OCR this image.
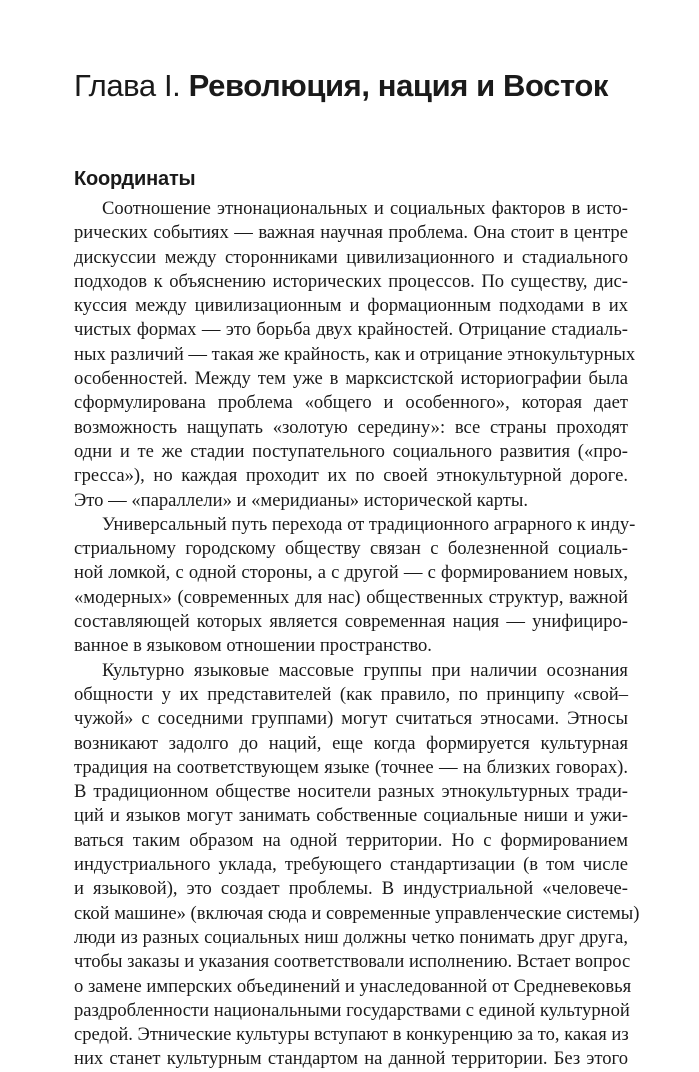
Глава I. Революция, нация и Восток
Координаты
Соотношение этнонациональных и социальных факторов в исто-
рических событиях — важная научная проблема. Она стоит в центре
дискуссии между сторонниками цивилизационного и стадиального
подходов к объяснению исторических процессов. По существу, дис-
куссия между цивилизационным и формационным подходами в их
чистых формах — это борьба двух крайностей. Отрицание стадиаль-
ных различий — такая же крайность, как и отрицание этнокультурных
особенностей. Между тем уже в марксистской историографии была
сформулирована проблема «общего и особенного», которая дает
возможность нащупать «золотую середину»: все страны проходят
одни и те же стадии поступательного социального развития («про-
гресса»), но каждая проходит их по своей этнокультурной дороге.
Это — «параллели» и «меридианы» исторической карты.
Универсальный путь перехода от традиционного аграрного к инду-
стриальному городскому обществу связан с болезненной социаль-
ной ломкой, с одной стороны, а с другой — с формированием новых,
«модерных» (современных для нас) общественных структур, важной
составляющей которых является современная нация — унифициро-
ванное в языковом отношении пространство.
Культурно языковые массовые группы при наличии осознания
общности у их представителей (как правило, по принципу «свой–
чужой» с соседними группами) могут считаться этносами. Этносы
возникают задолго до наций, еще когда формируется культурная
традиция на соответствующем языке (точнее — на близких говорах).
В традиционном обществе носители разных этнокультурных тради-
ций и языков могут занимать собственные социальные ниши и ужи-
ваться таким образом на одной территории. Но с формированием
индустриального уклада, требующего стандартизации (в том числе
и языковой), это создает проблемы. В индустриальной «человече-
ской машине» (включая сюда и современные управленческие системы)
люди из разных социальных ниш должны четко понимать друг друга,
чтобы заказы и указания соответствовали исполнению. Встает вопрос
о замене имперских объединений и унаследованной от Средневековья
раздробленности национальными государствами с единой культурной
средой. Этнические культуры вступают в конкуренцию за то, какая из
них станет культурным стандартом на данной территории. Без этого
